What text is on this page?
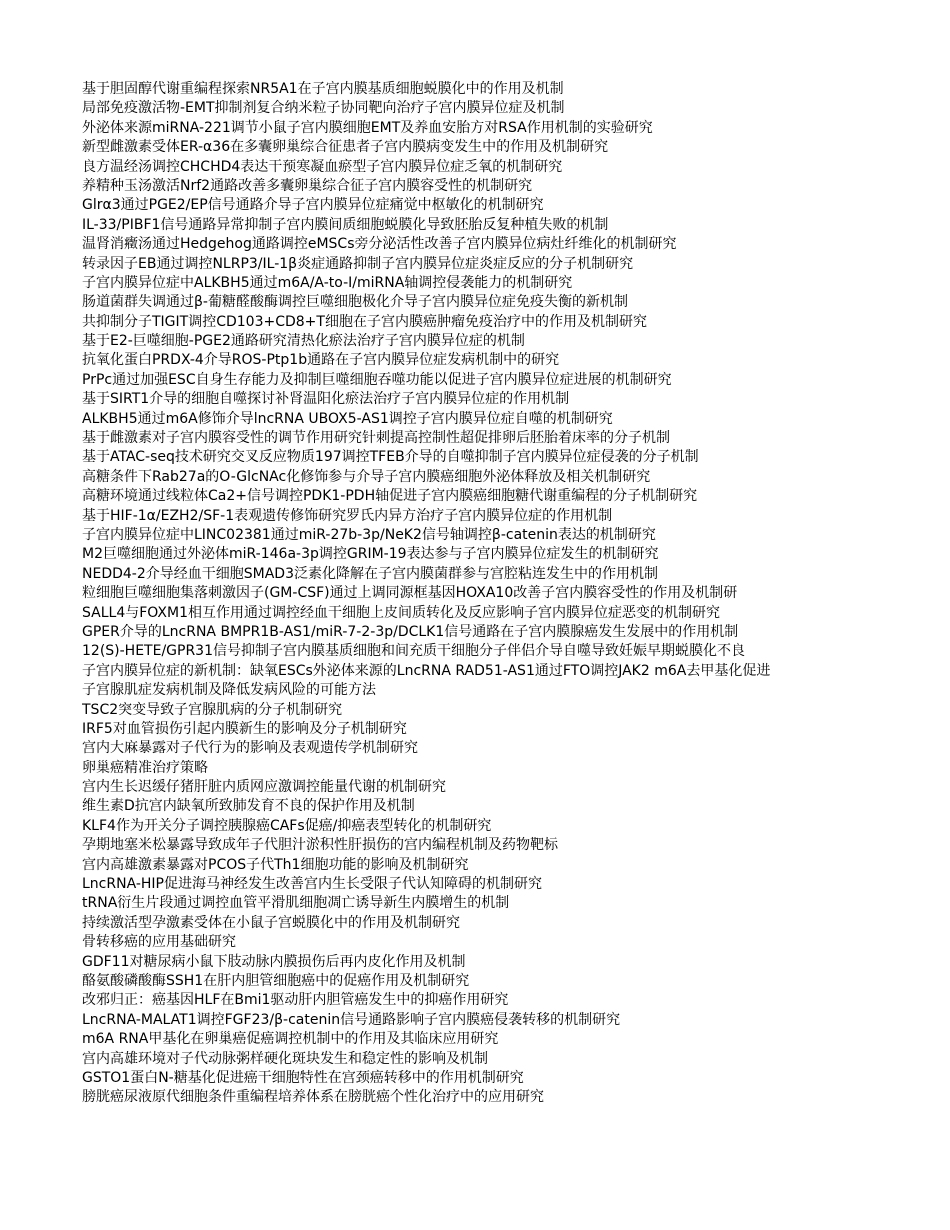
基于胆固醇代谢重编程探索NR5A1在子宫内膜基质细胞蜕膜化中的作用及机制
局部免疫激活物-EMT抑制剂复合纳米粒子协同靶向治疗子宫内膜异位症及机制
外泌体来源miRNA-221调节小鼠子宫内膜细胞EMT及养血安胎方对RSA作用机制的实验研究
新型雌激素受体ER-α36在多囊卵巢综合征患者子宫内膜病变发生中的作用及机制研究
良方温经汤调控CHCHD4表达干预寒凝血瘀型子宫内膜异位症乏氧的机制研究
养精种玉汤激活Nrf2通路改善多囊卵巢综合征子宫内膜容受性的机制研究
Glrα3通过PGE2/EP信号通路介导子宫内膜异位症痛觉中枢敏化的机制研究
IL-33/PIBF1信号通路异常抑制子宫内膜间质细胞蜕膜化导致胚胎反复种植失败的机制
温肾消癥汤通过Hedgehog通路调控eMSCs旁分泌活性改善子宫内膜异位病灶纤维化的机制研究
转录因子EB通过调控NLRP3/IL-1β炎症通路抑制子宫内膜异位症炎症反应的分子机制研究
子宫内膜异位症中ALKBH5通过m6A/A-to-I/miRNA轴调控侵袭能力的机制研究
肠道菌群失调通过β-葡糖醛酸酶调控巨噬细胞极化介导子宫内膜异位症免疫失衡的新机制
共抑制分子TIGIT调控CD103+CD8+T细胞在子宫内膜癌肿瘤免疫治疗中的作用及机制研究
基于E2-巨噬细胞-PGE2通路研究清热化瘀法治疗子宫内膜异位症的机制
抗氧化蛋白PRDX-4介导ROS-Ptp1b通路在子宫内膜异位症发病机制中的研究
PrPc通过加强ESC自身生存能力及抑制巨噬细胞吞噬功能以促进子宫内膜异位症进展的机制研究
基于SIRT1介导的细胞自噬探讨补肾温阳化瘀法治疗子宫内膜异位症的作用机制
ALKBH5通过m6A修饰介导lncRNA UBOX5-AS1调控子宫内膜异位症自噬的机制研究
基于雌激素对子宫内膜容受性的调节作用研究针刺提高控制性超促排卵后胚胎着床率的分子机制
基于ATAC-seq技术研究交叉反应物质197调控TFEB介导的自噬抑制子宫内膜异位症侵袭的分子机制
高糖条件下Rab27a的O-GlcNAc化修饰参与介导子宫内膜癌细胞外泌体释放及相关机制研究
高糖环境通过线粒体Ca2+信号调控PDK1-PDH轴促进子宫内膜癌细胞糖代谢重编程的分子机制研究
基于HIF-1α/EZH2/SF-1表观遗传修饰研究罗氏内异方治疗子宫内膜异位症的作用机制
子宫内膜异位症中LINC02381通过miR-27b-3p/NeK2信号轴调控β-catenin表达的机制研究
M2巨噬细胞通过外泌体miR-146a-3p调控GRIM-19表达参与子宫内膜异位症发生的机制研究
NEDD4-2介导经血干细胞SMAD3泛素化降解在子宫内膜菌群参与宫腔粘连发生中的作用机制
粒细胞巨噬细胞集落刺激因子(GM-CSF)通过上调同源框基因HOXA10改善子宫内膜容受性的作用及机制研
SALL4与FOXM1相互作用通过调控经血干细胞上皮间质转化及反应影响子宫内膜异位症恶变的机制研究
GPER介导的LncRNA BMPR1B-AS1/miR-7-2-3p/DCLK1信号通路在子宫内膜腺癌发生发展中的作用机制
12(S)-HETE/GPR31信号抑制子宫内膜基质细胞和间充质干细胞分子伴侣介导自噬导致妊娠早期蜕膜化不良
子宫内膜异位症的新机制：缺氧ESCs外泌体来源的LncRNA RAD51-AS1通过FTO调控JAK2 m6A去甲基化促进
子宫腺肌症发病机制及降低发病风险的可能方法
TSC2突变导致子宫腺肌病的分子机制研究
IRF5对血管损伤引起内膜新生的影响及分子机制研究
宫内大麻暴露对子代行为的影响及表观遗传学机制研究
卵巢癌精准治疗策略
宫内生长迟缓仔猪肝脏内质网应激调控能量代谢的机制研究
维生素D抗宫内缺氧所致肺发育不良的保护作用及机制
KLF4作为开关分子调控胰腺癌CAFs促癌/抑癌表型转化的机制研究
孕期地塞米松暴露导致成年子代胆汁淤积性肝损伤的宫内编程机制及药物靶标
宫内高雄激素暴露对PCOS子代Th1细胞功能的影响及机制研究
LncRNA-HIP促进海马神经发生改善宫内生长受限子代认知障碍的机制研究
tRNA衍生片段通过调控血管平滑肌细胞凋亡诱导新生内膜增生的机制
持续激活型孕激素受体在小鼠子宫蜕膜化中的作用及机制研究
骨转移癌的应用基础研究
GDF11对糖尿病小鼠下肢动脉内膜损伤后再内皮化作用及机制
酪氨酸磷酸酶SSH1在肝内胆管细胞癌中的促癌作用及机制研究
改邪归正：癌基因HLF在Bmi1驱动肝内胆管癌发生中的抑癌作用研究
LncRNA-MALAT1调控FGF23/β-catenin信号通路影响子宫内膜癌侵袭转移的机制研究
m6A RNA甲基化在卵巢癌促癌调控机制中的作用及其临床应用研究
宫内高雄环境对子代动脉粥样硬化斑块发生和稳定性的影响及机制
GSTO1蛋白N-糖基化促进癌干细胞特性在宫颈癌转移中的作用机制研究
膀胱癌尿液原代细胞条件重编程培养体系在膀胱癌个性化治疗中的应用研究
